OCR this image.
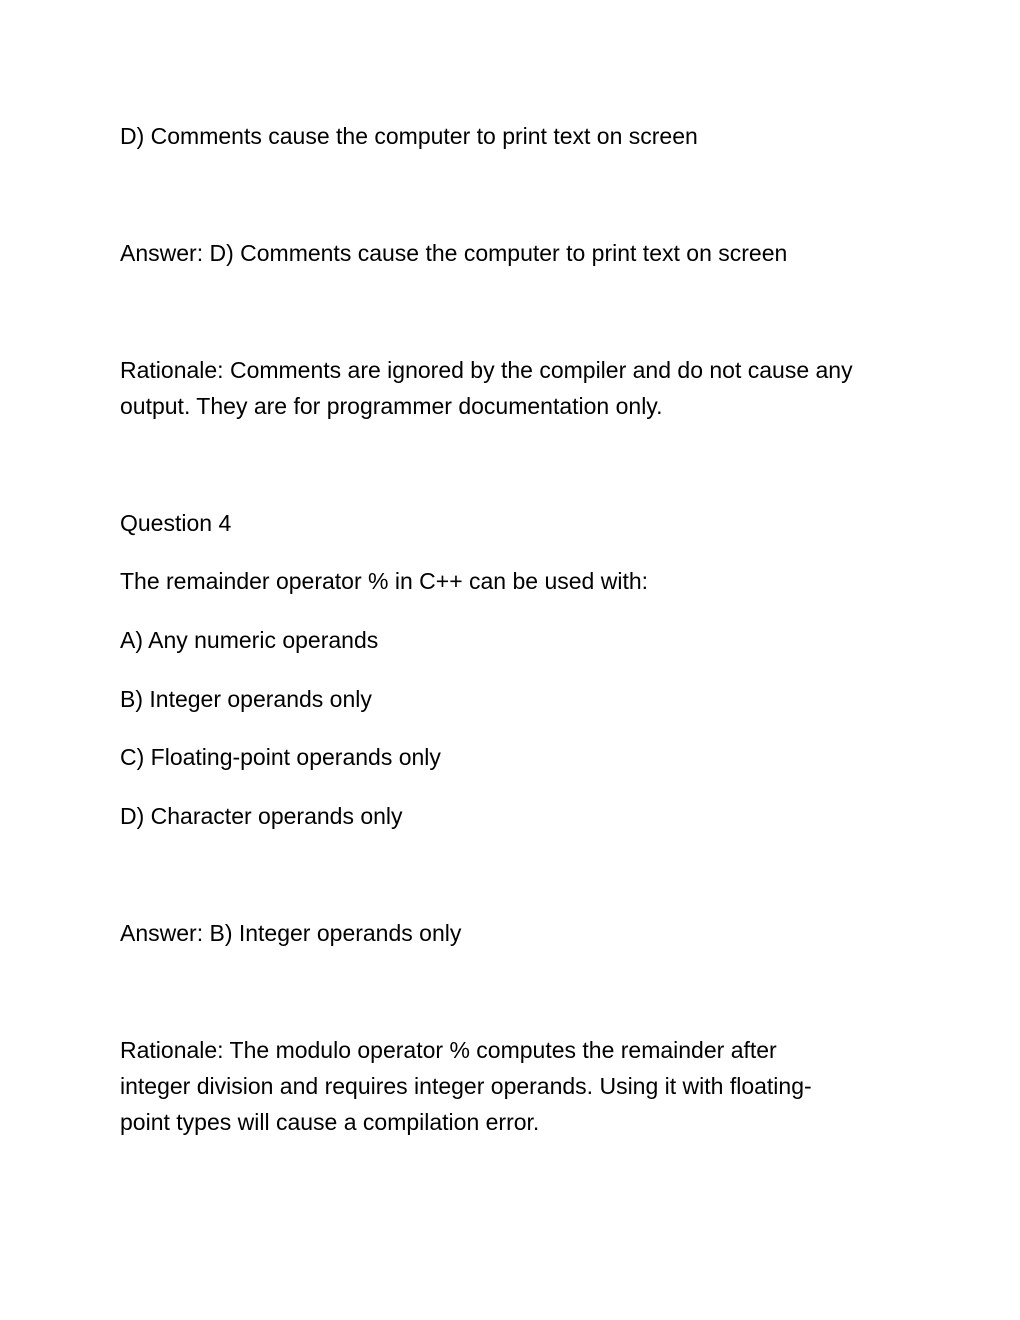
D) Comments cause the computer to print text on screen

Answer: D) Comments cause the computer to print text on screen

Rationale: Comments are ignored by the compiler and do not cause any
output. They are for programmer documentation only.

Question 4

The remainder operator % in C++ can be used with:

A) Any numeric operands

B) Integer operands only

C) Floating-point operands only

D) Character operands only

Answer: B) Integer operands only

Rationale: The modulo operator % computes the remainder after
integer division and requires integer operands. Using it with floating-
point types will cause a compilation error.
